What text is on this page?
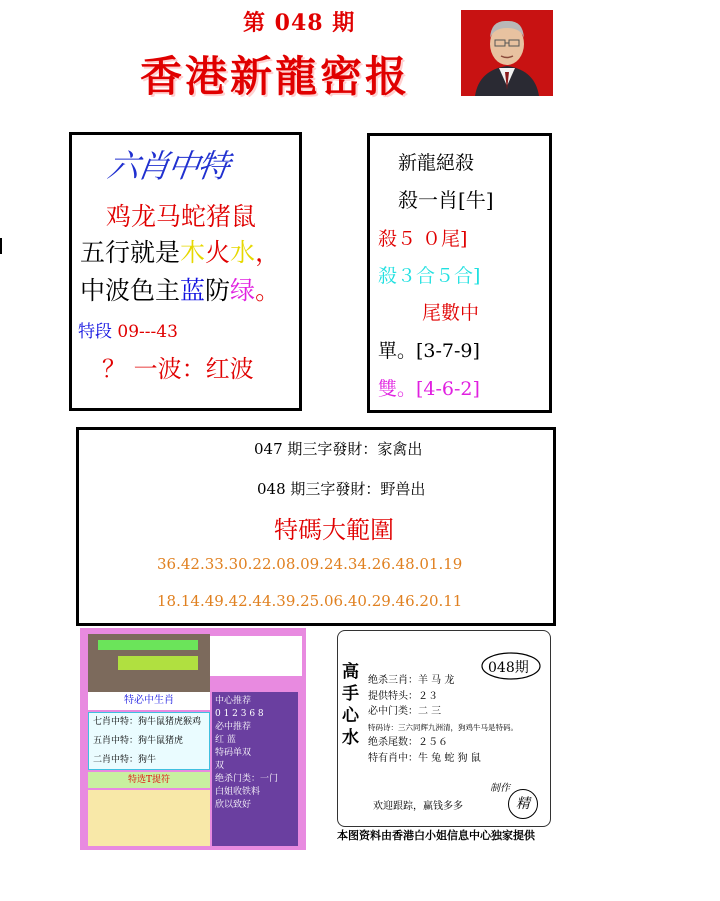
第 048 期
香港新龍密报
六肖中特
鸡龙马蛇猪鼠
五行就是木火水，
中波色主蓝防绿。
特段 09---43
？ 一波：红波
新龍絕殺
殺一肖[牛]
殺５ ０尾]
殺３合５合]
尾數中
單。[3-7-9]
雙。[4-6-2]
047 期三字發財：家禽出
048 期三字發財：野兽出
特碼大範圍
36.42.33.30.22.08.09.24.34.26.48.01.19
18.14.49.42.44.39.25.06.40.29.46.20.11
特必中生肖
七肖中特：狗牛鼠猪虎猴鸡
五肖中特：狗牛鼠猪虎
二肖中特：狗牛
特选T提符
中心推荐
0 1 2 3 6 8
必中推荐
红 蓝
特码单双
双
绝杀门类：一门
白姐收铁料
欣以致好
高
手
心
水
048期
绝杀三肖：羊 马 龙
提供特头：２３
必中门类：二 三
特码诗：三六同辉九洲清，狗鸡牛马是特码。
绝杀尾数：２５６
特有肖中：牛 兔 蛇 狗 鼠
欢迎跟踪，赢钱多多
制作
精
本图资料由香港白小姐信息中心独家提供
